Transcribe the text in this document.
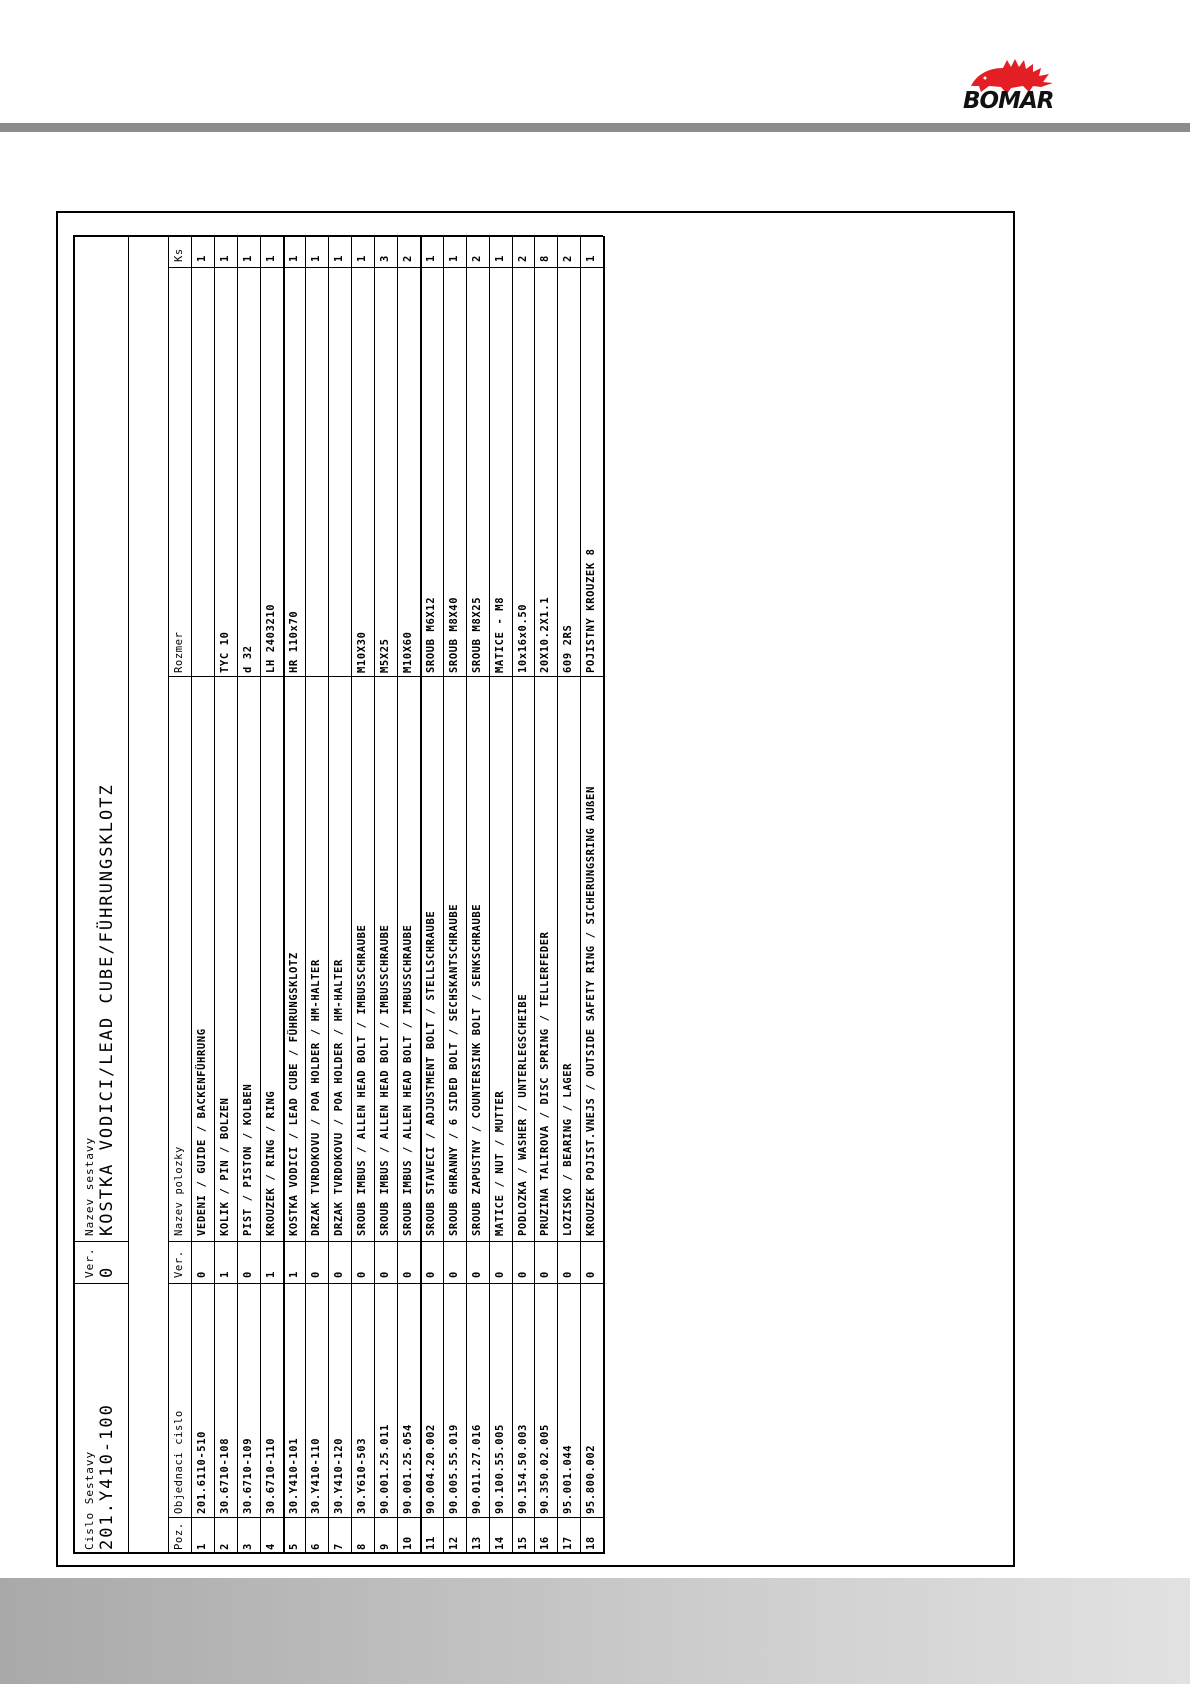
BOMAR
Cislo Sestavy 201.Y410-100
Ver. 0
Nazev sestavy KOSTKA VODICI/LEAD CUBE/FÜHRUNGSKLOTZ
Poz.
Objednaci cislo
Ver.
Nazev polozky
Rozmer
Ks
1
201.6110-510
0
VEDENI / GUIDE / BACKENFÜHRUNG
1
2
30.6710-108
1
KOLIK / PIN / BOLZEN
TYC 10
1
3
30.6710-109
0
PIST / PISTON / KOLBEN
d 32
1
4
30.6710-110
1
KROUZEK / RING / RING
LH 2403210
1
5
30.Y410-101
1
KOSTKA VODICI / LEAD CUBE / FÜHRUNGSKLOTZ
HR 110x70
1
6
30.Y410-110
0
DRZAK TVRDOKOVU / POA HOLDER / HM-HALTER
1
7
30.Y410-120
0
DRZAK TVRDOKOVU / POA HOLDER / HM-HALTER
1
8
30.Y610-503
0
SROUB IMBUS / ALLEN HEAD BOLT / IMBUSSCHRAUBE
M10X30
1
9
90.001.25.011
0
SROUB IMBUS / ALLEN HEAD BOLT / IMBUSSCHRAUBE
M5X25
3
10
90.001.25.054
0
SROUB IMBUS / ALLEN HEAD BOLT / IMBUSSCHRAUBE
M10X60
2
11
90.004.20.002
0
SROUB STAVECI / ADJUSTMENT BOLT / STELLSCHRAUBE
SROUB M6X12
1
12
90.005.55.019
0
SROUB 6HRANNY / 6 SIDED BOLT / SECHSKANTSCHRAUBE
SROUB M8X40
1
13
90.011.27.016
0
SROUB ZAPUSTNY / COUNTERSINK BOLT / SENKSCHRAUBE
SROUB M8X25
2
14
90.100.55.005
0
MATICE / NUT / MUTTER
MATICE - M8
1
15
90.154.50.003
0
PODLOZKA / WASHER / UNTERLEGSCHEIBE
10x16x0.50
2
16
90.350.02.005
0
PRUZINA TALIROVA / DISC SPRING / TELLERFEDER
20X10.2X1.1
8
17
95.001.044
0
LOZISKO / BEARING / LAGER
609 2RS
2
18
95.800.002
0
KROUZEK POJIST.VNEJS / OUTSIDE SAFETY RING / SICHERUNGSRING AUßEN
POJISTNY KROUZEK 8
1
